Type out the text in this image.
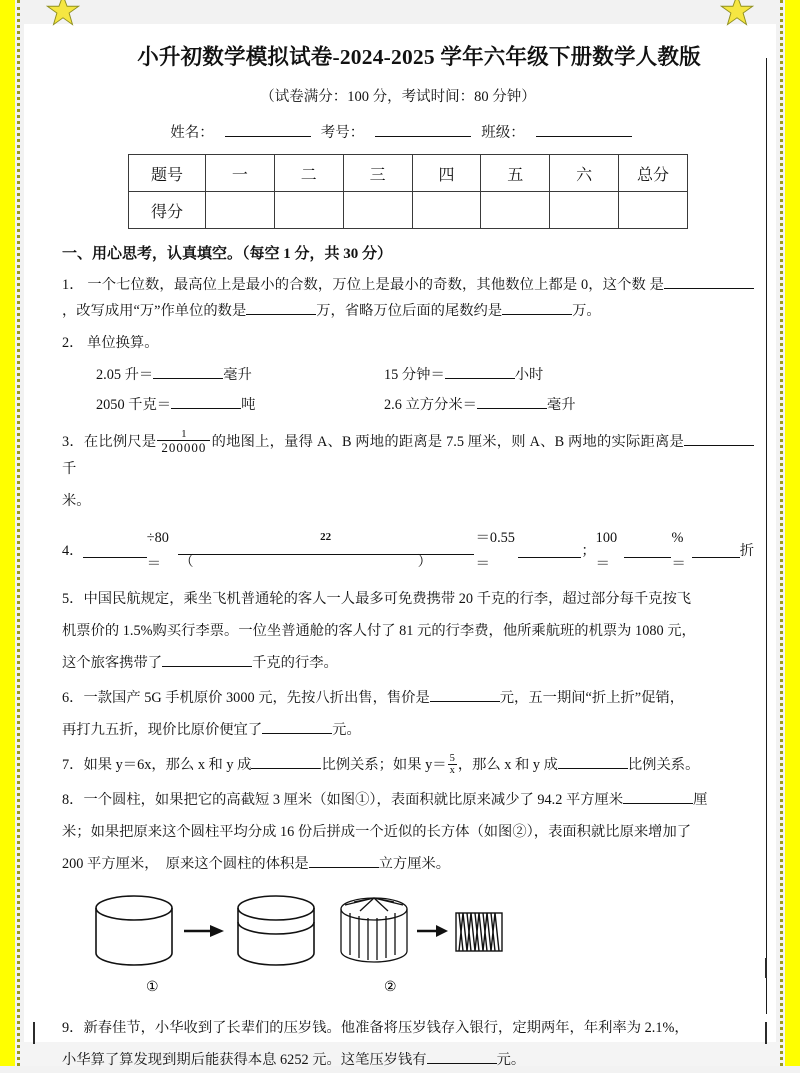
小升初数学模拟试卷-2024-2025 学年六年级下册数学人教版
（试卷满分：100 分，考试时间：80 分钟）
姓名：	考号：	班级：
题号	一	二	三	四	五	六	总分
得分							
一、用心思考，认真填空。（每空 1 分，共 30 分）
1． 一个七位数，最高位上是最小的合数，万位上是最小的奇数，其他数位上都是 0，这个数 是，改写成用“万”作单位的数是	万，省略万位后面的尾数约是	万。
2． 单位换算。
2.05 升＝	毫升	15 分钟＝	小时
2050 千克＝	吨	2.6 立方分米＝	毫升
3．在比例尺是 $\frac{1}{200000}$ 的地图上，量得 A、B 两地的距离是 7.5 厘米，则 A、B 两地的实际距离是千
米。
4．
÷80＝
22 （    ）
＝0.55＝
；
100＝
%＝
折
5．中国民航规定，乘坐飞机普通轮的客人一人最多可免费携带 20 千克的行李，超过部分每千克按飞
机票价的 1.5%购买行李票。一位坐普通舱的客人付了 81 元的行李费，他所乘航班的机票为 1080 元，
这个旅客携带了	千克的行李。
6．一款国产 5G 手机原价 3000 元，先按八折出售，售价是	元，五一期间“折上折”促销，
再打九五折，现价比原价便宜了	元。
7．如果 y＝6x，那么 x 和 y 成	比例关系；如果 $y= \frac{5}{x}$ ，那么 x 和 y 成	比例关系。
8．一个圆柱，如果把它的高截短 3 厘米（如图①），表面积就比原来减少了 94.2 平方厘米	厘
米；如果把原来这个圆柱平均分成 16 份后拼成一个近似的长方体（如图②），表面积就比原来增加了
200 平方厘米，　原来这个圆柱的体积是	立方厘米。
①	②
9．新春佳节，小华收到了长辈们的压岁钱。他准备将压岁钱存入银行，定期两年，年利率为 2.1%，
小华算了算发现到期后能获得本息 6252 元。这笔压岁钱有	元。
